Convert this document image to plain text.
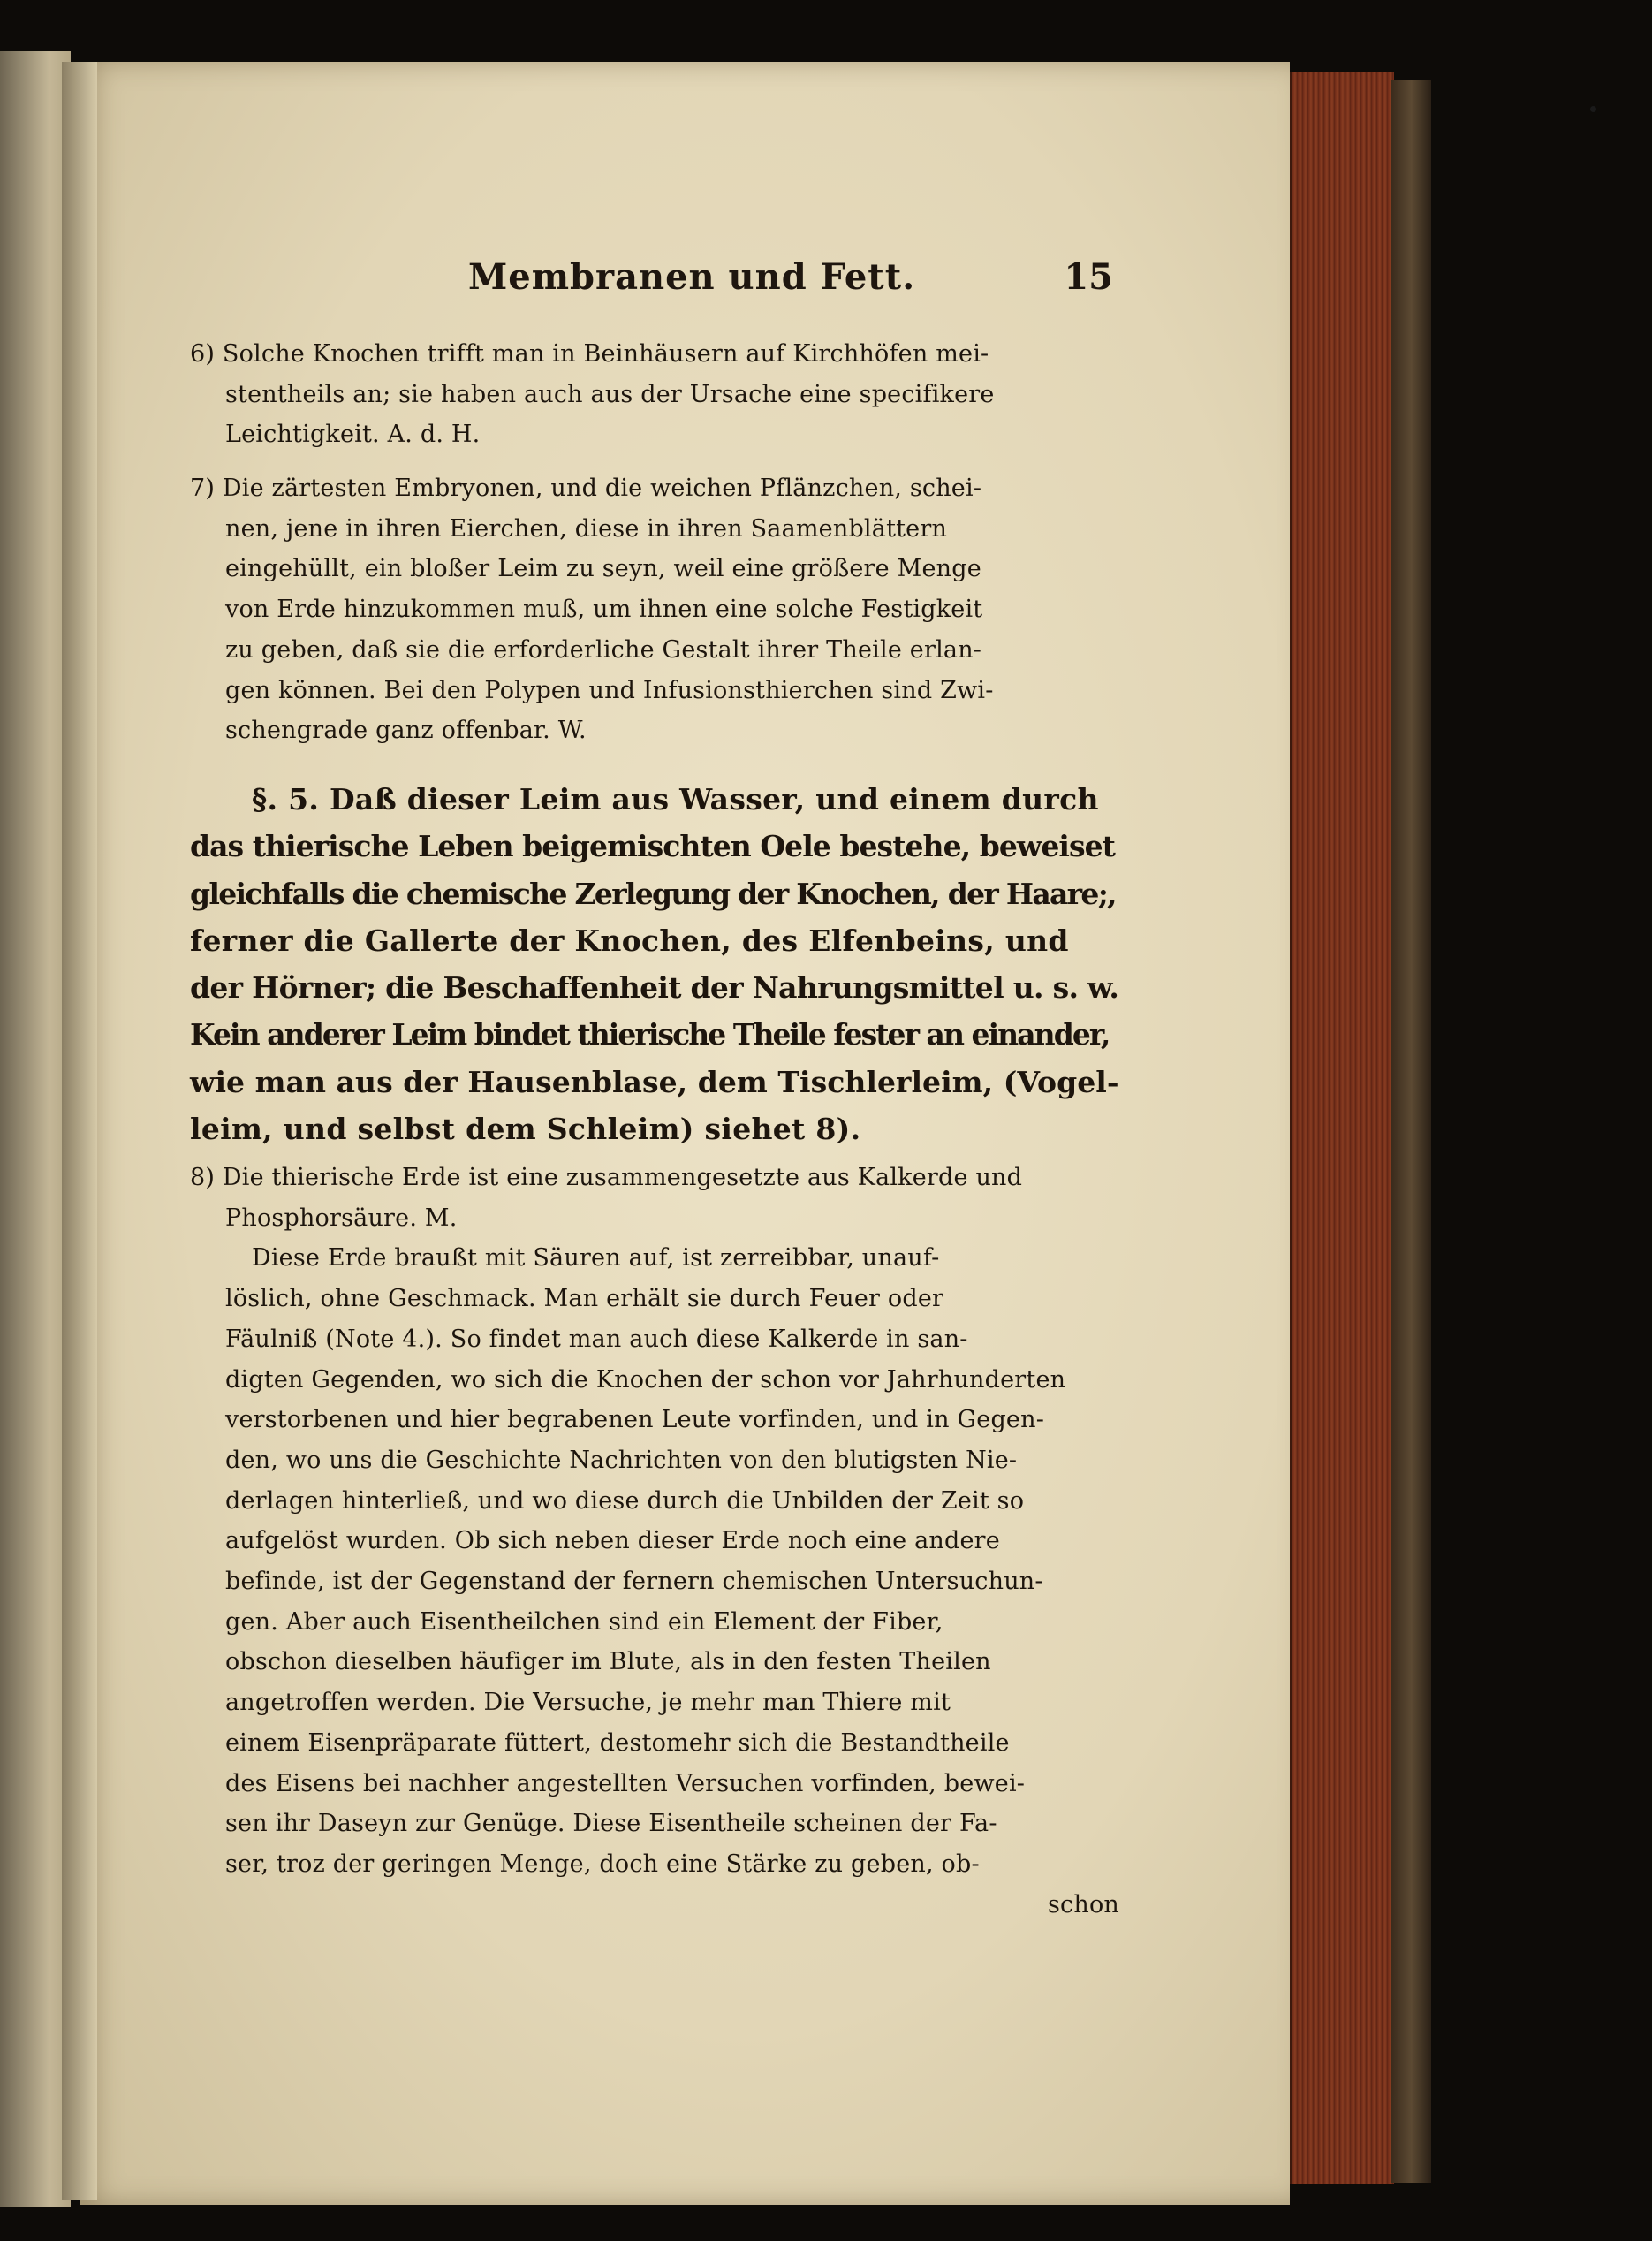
Membranen und Fett.	15
6) Solche Knochen trifft man in Beinhäusern auf Kirchhöfen mei-
stentheils an; sie haben auch aus der Ursache eine specifikere
Leichtigkeit. A. d. H.
7) Die zärtesten Embryonen, und die weichen Pflänzchen, schei-
nen, jene in ihren Eierchen, diese in ihren Saamenblättern
eingehüllt, ein bloßer Leim zu seyn, weil eine größere Menge
von Erde hinzukommen muß, um ihnen eine solche Festigkeit
zu geben, daß sie die erforderliche Gestalt ihrer Theile erlan-
gen können. Bei den Polypen und Infusionsthierchen sind Zwi-
schengrade ganz offenbar. W.
§. 5. Daß dieser Leim aus Wasser, und einem durch
das thierische Leben beigemischten Oele bestehe, beweiset
gleichfalls die chemische Zerlegung der Knochen, der Haare;,
ferner die Gallerte der Knochen, des Elfenbeins, und
der Hörner; die Beschaffenheit der Nahrungsmittel u. s. w.
Kein anderer Leim bindet thierische Theile fester an einander,
wie man aus der Hausenblase, dem Tischlerleim, (Vogel-
leim, und selbst dem Schleim) siehet 8).
8) Die thierische Erde ist eine zusammengesetzte aus Kalkerde und
Phosphorsäure. M.
Diese Erde braußt mit Säuren auf, ist zerreibbar, unauf-
löslich, ohne Geschmack. Man erhält sie durch Feuer oder
Fäulniß (Note 4.). So findet man auch diese Kalkerde in san-
digten Gegenden, wo sich die Knochen der schon vor Jahrhunderten
verstorbenen und hier begrabenen Leute vorfinden, und in Gegen-
den, wo uns die Geschichte Nachrichten von den blutigsten Nie-
derlagen hinterließ, und wo diese durch die Unbilden der Zeit so
aufgelöst wurden. Ob sich neben dieser Erde noch eine andere
befinde, ist der Gegenstand der fernern chemischen Untersuchun-
gen. Aber auch Eisentheilchen sind ein Element der Fiber,
obschon dieselben häufiger im Blute, als in den festen Theilen
angetroffen werden. Die Versuche, je mehr man Thiere mit
einem Eisenpräparate füttert, destomehr sich die Bestandtheile
des Eisens bei nachher angestellten Versuchen vorfinden, bewei-
sen ihr Daseyn zur Genüge. Diese Eisentheile scheinen der Fa-
ser, troz der geringen Menge, doch eine Stärke zu geben, ob-
schon
